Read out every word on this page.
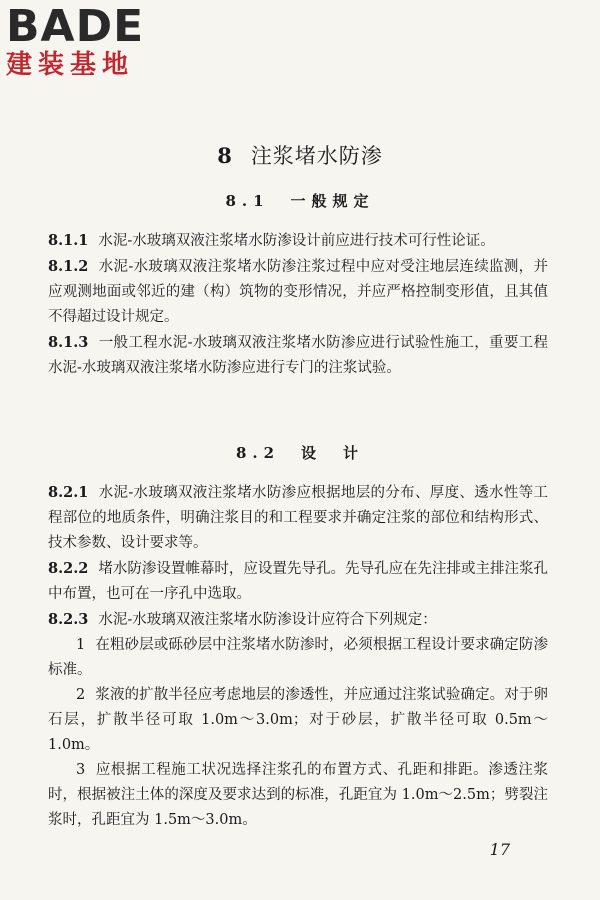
BADE
建装基地
8 注浆堵水防渗
8.1　一般规定

8.1.1 水泥-水玻璃双液注浆堵水防渗设计前应进行技术可行性论证。

8.1.2 水泥-水玻璃双液注浆堵水防渗注浆过程中应对受注地层连续监测，并应观测地面或邻近的建（构）筑物的变形情况，并应严格控制变形值，且其值不得超过设计规定。

8.1.3 一般工程水泥-水玻璃双液注浆堵水防渗应进行试验性施工，重要工程水泥-水玻璃双液注浆堵水防渗应进行专门的注浆试验。

8.2　设　计

8.2.1 水泥-水玻璃双液注浆堵水防渗应根据地层的分布、厚度、透水性等工程部位的地质条件，明确注浆目的和工程要求并确定注浆的部位和结构形式、技术参数、设计要求等。

8.2.2 堵水防渗设置帷幕时，应设置先导孔。先导孔应在先注排或主排注浆孔中布置，也可在一序孔中选取。

8.2.3 水泥-水玻璃双液注浆堵水防渗设计应符合下列规定：

1 在粗砂层或砾砂层中注浆堵水防渗时，必须根据工程设计要求确定防渗标准。

2 浆液的扩散半径应考虑地层的渗透性，并应通过注浆试验确定。对于卵石层，扩散半径可取 1.0m～3.0m；对于砂层，扩散半径可取 0.5m～1.0m。

3 应根据工程施工状况选择注浆孔的布置方式、孔距和排距。渗透注浆时，根据被注土体的深度及要求达到的标准，孔距宜为 1.0m～2.5m；劈裂注浆时，孔距宜为 1.5m～3.0m。

17
